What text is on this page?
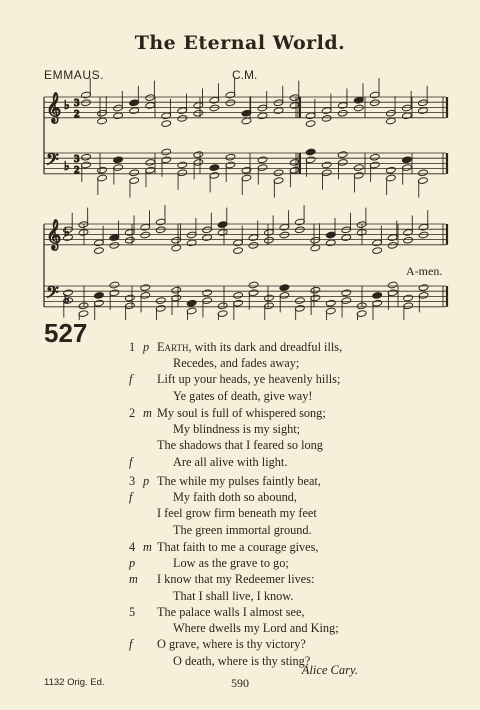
The Eternal World.
EMMAUS.	C.M.
𝄞
𝄢
♭
♭
3
2
3
2
𝄞
𝄢
♭
♭
A-men.
527	1 p Earth, with its dark and dreadful ills,
Recedes, and fades away;
f Lift up your heads, ye heavenly hills;
Ye gates of death, give way!
2 m My soul is full of whispered song;
My blindness is my sight;
The shadows that I feared so long
f	Are all alive with light.
3 p The while my pulses faintly beat,
f	My faith doth so abound,
I feel grow firm beneath my feet
The green immortal ground.
4 m That faith to me a courage gives,
p	Low as the grave to go;
m I know that my Redeemer lives:
That I shall live, I know.
5 The palace walls I almost see,
Where dwells my Lord and King;
f O grave, where is thy victory?
O death, where is thy sting?
Alice Cary.
1132 Orig. Ed.	590
